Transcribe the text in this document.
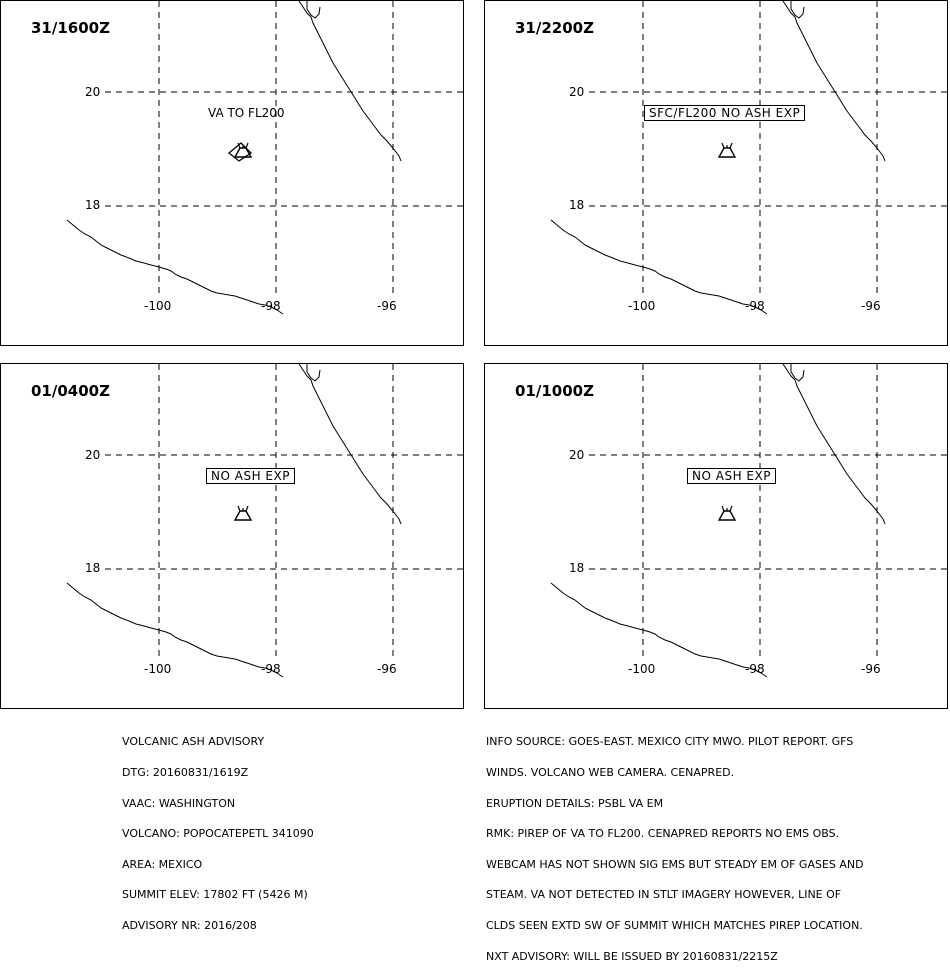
31/1600Z
20
18
-100	-98	-96
VA TO FL200
31/2200Z
20
18
-100	-98	-96
SFC/FL200 NO ASH EXP
01/0400Z
20
18
-100	-98	-96
NO ASH EXP
01/1000Z
20
18
-100	-98	-96
NO ASH EXP

VOLCANIC ASH ADVISORY

DTG: 20160831/1619Z

VAAC: WASHINGTON

VOLCANO: POPOCATEPETL 341090

AREA: MEXICO

SUMMIT ELEV: 17802 FT (5426 M)

ADVISORY NR: 2016/208

INFO SOURCE: GOES-EAST. MEXICO CITY MWO. PILOT REPORT. GFS

WINDS. VOLCANO WEB CAMERA. CENAPRED.

ERUPTION DETAILS: PSBL VA EM

RMK: PIREP OF VA TO FL200. CENAPRED REPORTS NO EMS OBS.

WEBCAM HAS NOT SHOWN SIG EMS BUT STEADY EM OF GASES AND

STEAM. VA NOT DETECTED IN STLT IMAGERY HOWEVER, LINE OF

CLDS SEEN EXTD SW OF SUMMIT WHICH MATCHES PIREP LOCATION.

NXT ADVISORY: WILL BE ISSUED BY 20160831/2215Z
